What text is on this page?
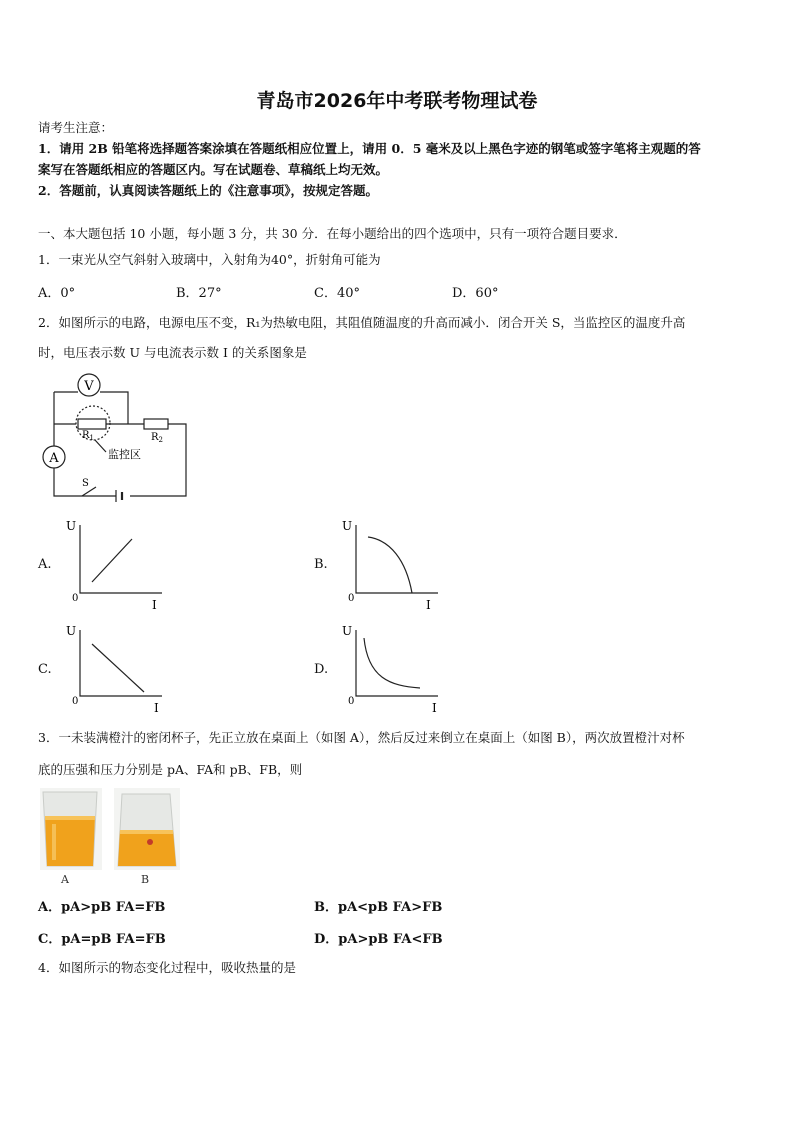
青岛市2026年中考联考物理试卷
请考生注意：
1．请用 2B 铅笔将选择题答案涂填在答题纸相应位置上，请用 0．5 毫米及以上黑色字迹的钢笔或签字笔将主观题的答
案写在答题纸相应的答题区内。写在试题卷、草稿纸上均无效。
2．答题前，认真阅读答题纸上的《注意事项》，按规定答题。
一、本大题包括 10 小题，每小题 3 分，共 30 分．在每小题给出的四个选项中，只有一项符合题目要求．
1．一束光从空气斜射入玻璃中，入射角为40°，折射角可能为
A．0°	B．27°	C．40°	D．60°
2．如图所示的电路，电源电压不变，R₁为热敏电阻，其阻值随温度的升高而减小．闭合开关 S，当监控区的温度升高
时，电压表示数 U 与电流表示数 I 的关系图象是
V
A
$R_1$	$R_2$
监控区
S
A.	B.
C.	D.
U
I
0
U
I
0
U
I
0
U
I
0
3．一未装满橙汁的密闭杯子，先正立放在桌面上（如图 A），然后反过来倒立在桌面上（如图 B），两次放置橙汁对杯
底的压强和压力分别是 pA、FA和 pB、FB，则
A	B
A．pA>pB FA=FB	B．pA<pB FA>FB
C．pA=pB FA=FB	D．pA>pB FA<FB
4．如图所示的物态变化过程中，吸收热量的是
